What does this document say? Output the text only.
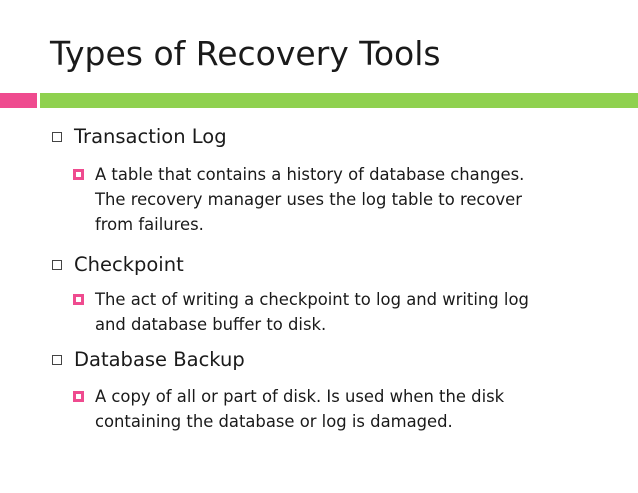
Types of Recovery Tools
Transaction Log
A table that contains a history of database changes.
The recovery manager uses the log table to recover
from failures.
Checkpoint
The act of writing a checkpoint to log and writing log
and database buffer to disk.
Database Backup
A copy of all or part of disk. Is used when the disk
containing the database or log is damaged.
